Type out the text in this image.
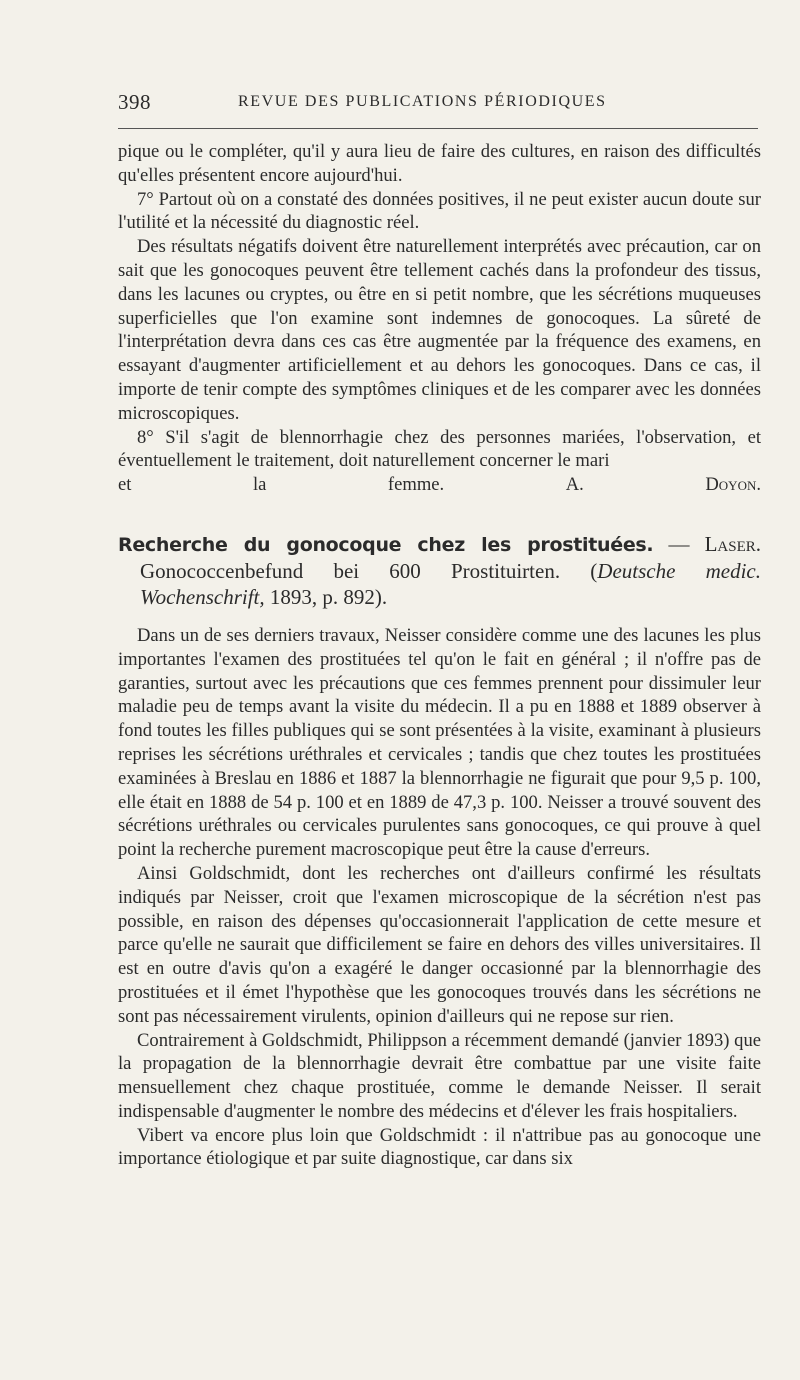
398	REVUE DES PUBLICATIONS PÉRIODIQUES

pique ou le compléter, qu'il y aura lieu de faire des cultures, en raison des difficultés qu'elles présentent encore aujourd'hui.

7° Partout où on a constaté des données positives, il ne peut exister aucun doute sur l'utilité et la nécessité du diagnostic réel.

Des résultats négatifs doivent être naturellement interprétés avec précaution, car on sait que les gonocoques peuvent être tellement cachés dans la profondeur des tissus, dans les lacunes ou cryptes, ou être en si petit nombre, que les sécrétions muqueuses superficielles que l'on examine sont indemnes de gonocoques. La sûreté de l'interprétation devra dans ces cas être augmentée par la fréquence des examens, en essayant d'augmenter artificiellement et au dehors les gonocoques. Dans ce cas, il importe de tenir compte des symptômes cliniques et de les comparer avec les données microscopiques.

8° S'il s'agit de blennorrhagie chez des personnes mariées, l'observation, et éventuellement le traitement, doit naturellement concerner le mari

et la femme.	A. Doyon.

Recherche du gonocoque chez les prostituées. — Laser. Gonococcenbefund bei 600 Prostituirten. (Deutsche medic. Wochenschrift, 1893, p. 892).

Dans un de ses derniers travaux, Neisser considère comme une des lacunes les plus importantes l'examen des prostituées tel qu'on le fait en général ; il n'offre pas de garanties, surtout avec les précautions que ces femmes prennent pour dissimuler leur maladie peu de temps avant la visite du médecin. Il a pu en 1888 et 1889 observer à fond toutes les filles publiques qui se sont présentées à la visite, examinant à plusieurs reprises les sécrétions uréthrales et cervicales ; tandis que chez toutes les prostituées examinées à Breslau en 1886 et 1887 la blennorrhagie ne figurait que pour 9,5 p. 100, elle était en 1888 de 54 p. 100 et en 1889 de 47,3 p. 100. Neisser a trouvé souvent des sécrétions uréthrales ou cervicales purulentes sans gonocoques, ce qui prouve à quel point la recherche purement macroscopique peut être la cause d'erreurs.

Ainsi Goldschmidt, dont les recherches ont d'ailleurs confirmé les résultats indiqués par Neisser, croit que l'examen microscopique de la sécrétion n'est pas possible, en raison des dépenses qu'occasionnerait l'application de cette mesure et parce qu'elle ne saurait que difficilement se faire en dehors des villes universitaires. Il est en outre d'avis qu'on a exagéré le danger occasionné par la blennorrhagie des prostituées et il émet l'hypothèse que les gonocoques trouvés dans les sécrétions ne sont pas nécessairement virulents, opinion d'ailleurs qui ne repose sur rien.

Contrairement à Goldschmidt, Philippson a récemment demandé (janvier 1893) que la propagation de la blennorrhagie devrait être combattue par une visite faite mensuellement chez chaque prostituée, comme le demande Neisser. Il serait indispensable d'augmenter le nombre des médecins et d'élever les frais hospitaliers.

Vibert va encore plus loin que Goldschmidt : il n'attribue pas au gonocoque une importance étiologique et par suite diagnostique, car dans six
